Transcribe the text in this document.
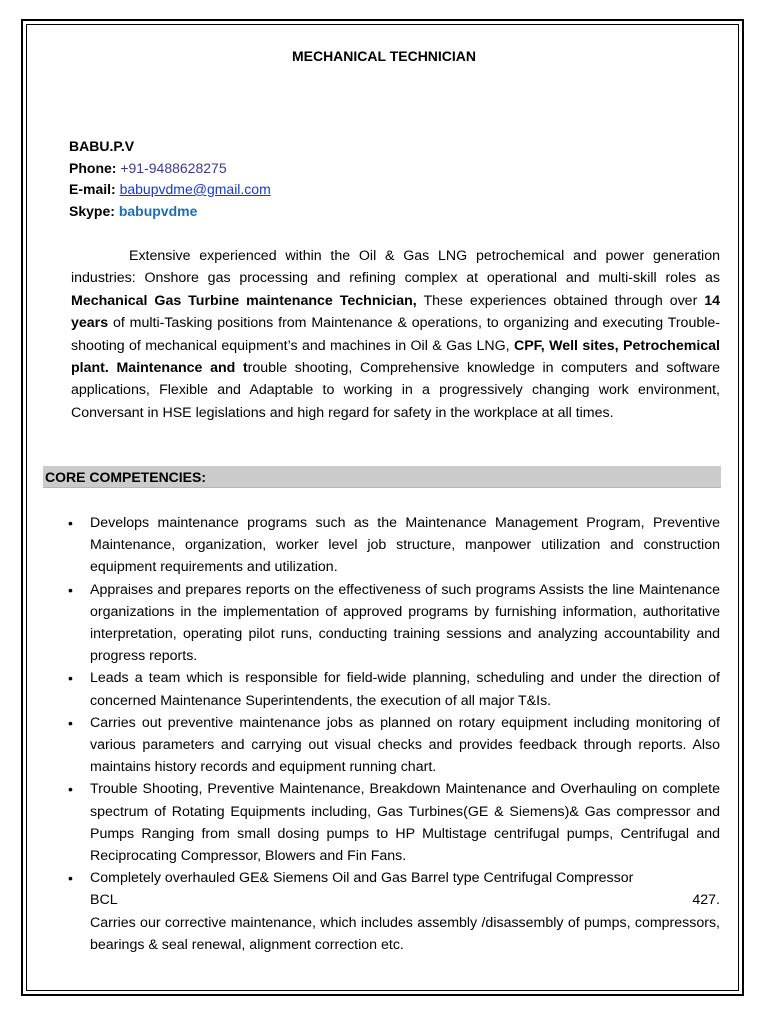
MECHANICAL TECHNICIAN
BABU.P.V
Phone: +91-9488628275
E-mail: babupvdme@gmail.com
Skype: babupvdme
Extensive experienced within the Oil & Gas LNG petrochemical and power generation industries: Onshore gas processing and refining complex at operational and multi-skill roles as Mechanical Gas Turbine maintenance Technician, These experiences obtained through over 14 years of multi-Tasking positions from Maintenance & operations, to organizing and executing Trouble-shooting of mechanical equipment’s and machines in Oil & Gas LNG, CPF, Well sites, Petrochemical plant. Maintenance and trouble shooting, Comprehensive knowledge in computers and software applications, Flexible and Adaptable to working in a progressively changing work environment, Conversant in HSE legislations and high regard for safety in the workplace at all times.
CORE COMPETENCIES:
• Develops maintenance programs such as the Maintenance Management Program, Preventive Maintenance, organization, worker level job structure, manpower utilization and construction equipment requirements and utilization.
• Appraises and prepares reports on the effectiveness of such programs Assists the line Maintenance organizations in the implementation of approved programs by furnishing information, authoritative interpretation, operating pilot runs, conducting training sessions and analyzing accountability and progress reports.
• Leads a team which is responsible for field-wide planning, scheduling and under the direction of concerned Maintenance Superintendents, the execution of all major T&Is.
• Carries out preventive maintenance jobs as planned on rotary equipment including monitoring of various parameters and carrying out visual checks and provides feedback through reports. Also maintains history records and equipment running chart.
• Trouble Shooting, Preventive Maintenance, Breakdown Maintenance and Overhauling on complete spectrum of Rotating Equipments including, Gas Turbines(GE & Siemens)& Gas compressor and Pumps Ranging from small dosing pumps to HP Multistage centrifugal pumps, Centrifugal and Reciprocating Compressor, Blowers and Fin Fans.
• Completely overhauled GE& Siemens Oil and Gas Barrel type Centrifugal Compressor
BCL	427.
Carries our corrective maintenance, which includes assembly /disassembly of pumps, compressors, bearings & seal renewal, alignment correction etc.
